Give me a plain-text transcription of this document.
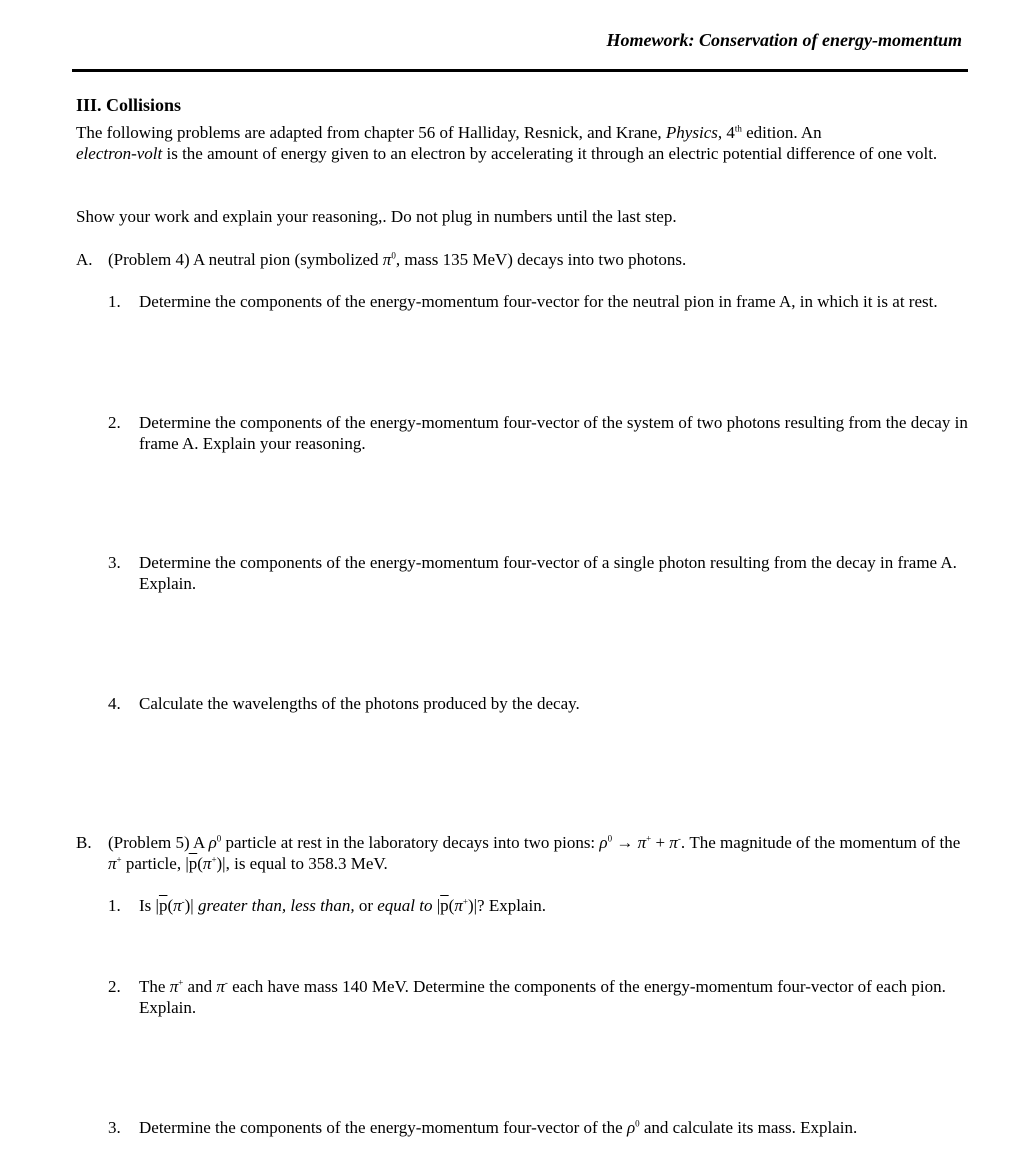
Homework: Conservation of energy-momentum
III. Collisions
The following problems are adapted from chapter 56 of Halliday, Resnick, and Krane, Physics, 4th edition. An
electron-volt is the amount of energy given to an electron by accelerating it through an electric potential difference of one volt.
Show your work and explain your reasoning,. Do not plug in numbers until the last step.
A. (Problem 4) A neutral pion (symbolized $\pi^0$, mass 135 MeV) decays into two photons.
1. Determine the components of the energy-momentum four-vector for the neutral pion in frame A, in which it is at rest.
2. Determine the components of the energy-momentum four-vector of the system of two photons resulting from the decay in frame A. Explain your reasoning.
3. Determine the components of the energy-momentum four-vector of a single photon resulting from the decay in frame A. Explain.
4. Calculate the wavelengths of the photons produced by the decay.
B. (Problem 5) A $\rho^0$ particle at rest in the laboratory decays into two pions: $\rho^0 \to \pi^+ + \pi^-$. The magnitude of the momentum of the π+ particle, $|\overline{p}(\pi^+)|$, is equal to 358.3 MeV.
1. Is $|\overline{p}(\pi^-)|$ greater than, less than, or equal to $|\overline{p}(\pi^+)|$? Explain.
2. The π+ and π- each have mass 140 MeV. Determine the components of the energy-momentum four-vector of each pion. Explain.
3. Determine the components of the energy-momentum four-vector of the $\rho^0$ and calculate its mass. Explain.
